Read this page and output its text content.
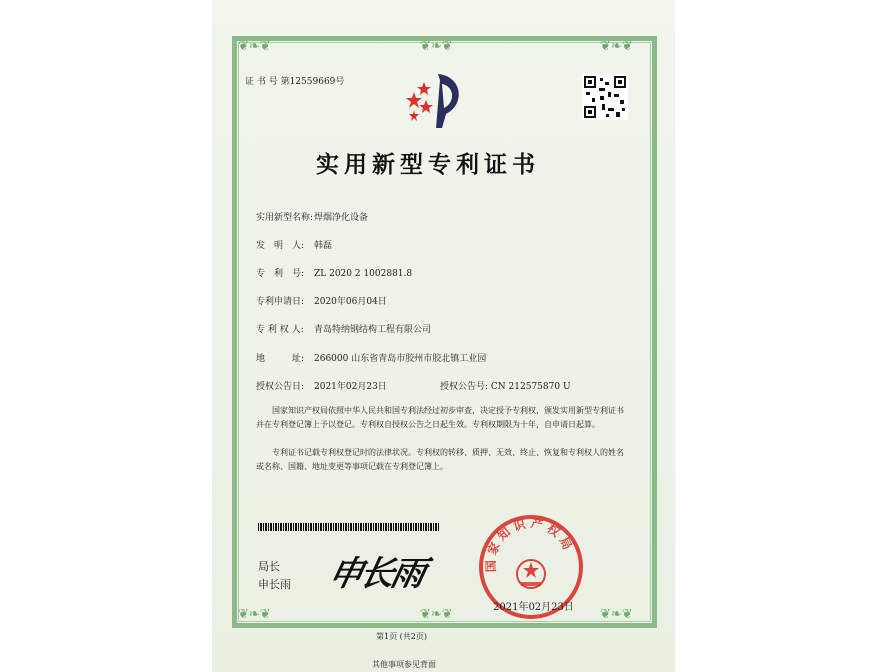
❦❧❦	❦❧❦
❦❧❦	❦❧❦
❦❧❦
❦❧❦
证 书 号 第12559669号
实用新型专利证书
实用新型名称:焊烟净化设备
发　明　人: 韩磊
专　利　号: ZL 2020 2 1002881.8
专利申请日: 2020年06月04日
专 利 权 人: 青岛特纳钢结构工程有限公司
地　　　址: 266000 山东省青岛市胶州市胶北镇工业园
授权公告日: 2021年02月23日	授权公告号: CN 212575870 U
国家知识产权局依照中华人民共和国专利法经过初步审查，决定授予专利权，颁发实用新型专利证书并在专利登记簿上予以登记。专利权自授权公告之日起生效。专利权期限为十年，自申请日起算。
专利证书记载专利权登记时的法律状况。专利权的转移、质押、无效、终止、恢复和专利权人的姓名或名称、国籍、地址变更等事项记载在专利登记簿上。
局长
申长雨 申长雨	国家知识产权局
2021年02月23日
第1页 (共2页)
其他事项参见背面
